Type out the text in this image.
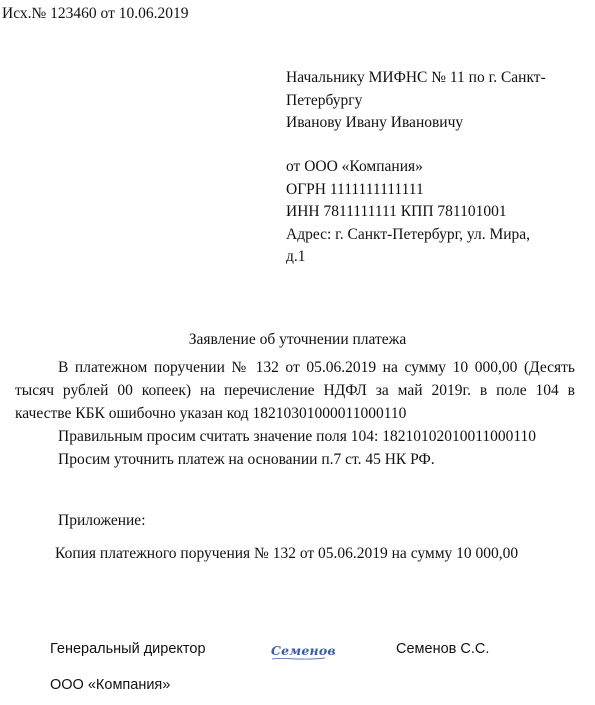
Исх.№ 123460 от 10.06.2019
Начальнику МИФНС № 11 по г. Санкт-
Петербургу
Иванову Ивану Ивановичу
от ООО «Компания»
ОГРН 1111111111111
ИНН 7811111111 КПП 781101001
Адрес: г. Санкт-Петербург, ул. Мира,
д.1
Заявление об уточнении платежа
В платежном поручении № 132 от 05.06.2019 на сумму 10 000,00 (Десять
тысяч рублей 00 копеек) на перечисление НДФЛ за май 2019г. в поле 104 в
качестве КБК ошибочно указан код 18210301000011000110
Правильным просим считать значение поля 104: 18210102010011000110
Просим уточнить платеж на основании п.7 ст. 45 НК РФ.
Приложение:
Копия платежного поручения № 132 от 05.06.2019 на сумму 10 000,00
Генеральный директор	Семенов	Семенов С.С.
ООО «Компания»
